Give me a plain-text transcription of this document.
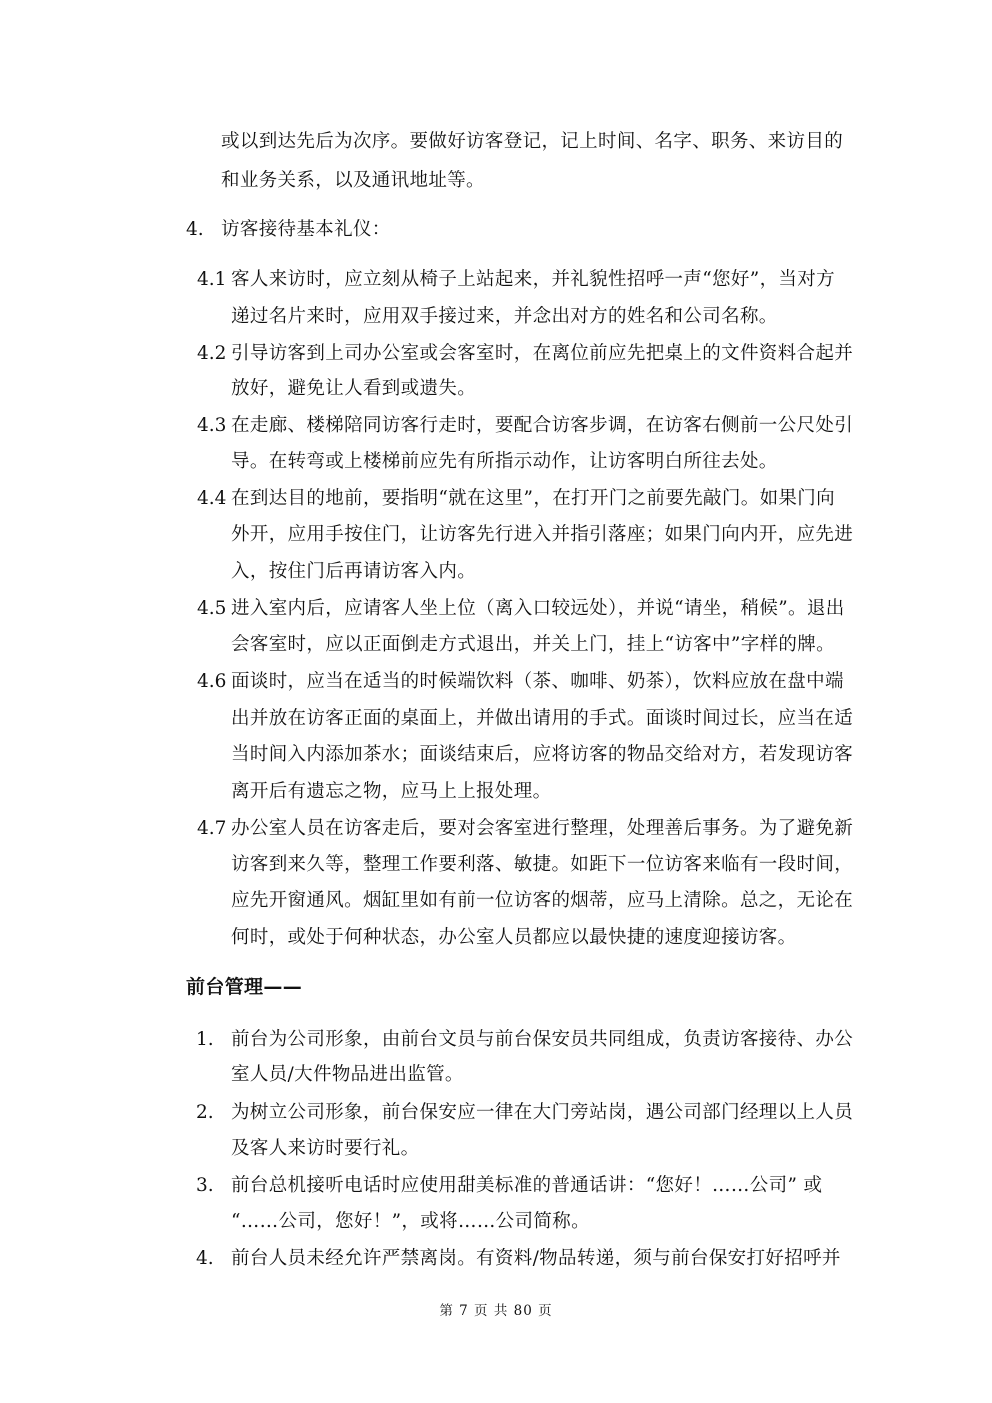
或以到达先后为次序。要做好访客登记，记上时间、名字、职务、来访目的
和业务关系，以及通讯地址等。
4. 访客接待基本礼仪：
4.1 客人来访时，应立刻从椅子上站起来，并礼貌性招呼一声“您好”，当对方
递过名片来时，应用双手接过来，并念出对方的姓名和公司名称。
4.2 引导访客到上司办公室或会客室时，在离位前应先把桌上的文件资料合起并
放好，避免让人看到或遗失。
4.3 在走廊、楼梯陪同访客行走时，要配合访客步调，在访客右侧前一公尺处引
导。在转弯或上楼梯前应先有所指示动作，让访客明白所往去处。
4.4 在到达目的地前，要指明“就在这里”，在打开门之前要先敲门。如果门向
外开，应用手按住门，让访客先行进入并指引落座；如果门向内开，应先进
入，按住门后再请访客入内。
4.5 进入室内后，应请客人坐上位（离入口较远处），并说“请坐，稍候”。退出
会客室时，应以正面倒走方式退出，并关上门，挂上“访客中”字样的牌。
4.6 面谈时，应当在适当的时候端饮料（茶、咖啡、奶茶），饮料应放在盘中端
出并放在访客正面的桌面上，并做出请用的手式。面谈时间过长，应当在适
当时间入内添加茶水；面谈结束后，应将访客的物品交给对方，若发现访客
离开后有遗忘之物，应马上上报处理。
4.7 办公室人员在访客走后，要对会客室进行整理，处理善后事务。为了避免新
访客到来久等，整理工作要利落、敏捷。如距下一位访客来临有一段时间，
应先开窗通风。烟缸里如有前一位访客的烟蒂，应马上清除。总之，无论在
何时，或处于何种状态，办公室人员都应以最快捷的速度迎接访客。
前台管理——
1. 前台为公司形象，由前台文员与前台保安员共同组成，负责访客接待、办公
室人员/大件物品进出监管。
2. 为树立公司形象，前台保安应一律在大门旁站岗，遇公司部门经理以上人员
及客人来访时要行礼。
3. 前台总机接听电话时应使用甜美标准的普通话讲：“您好！……公司” 或
“……公司，您好！”，或将……公司简称。
4. 前台人员未经允许严禁离岗。有资料/物品转递，须与前台保安打好招呼并
第 7 页 共 80 页
